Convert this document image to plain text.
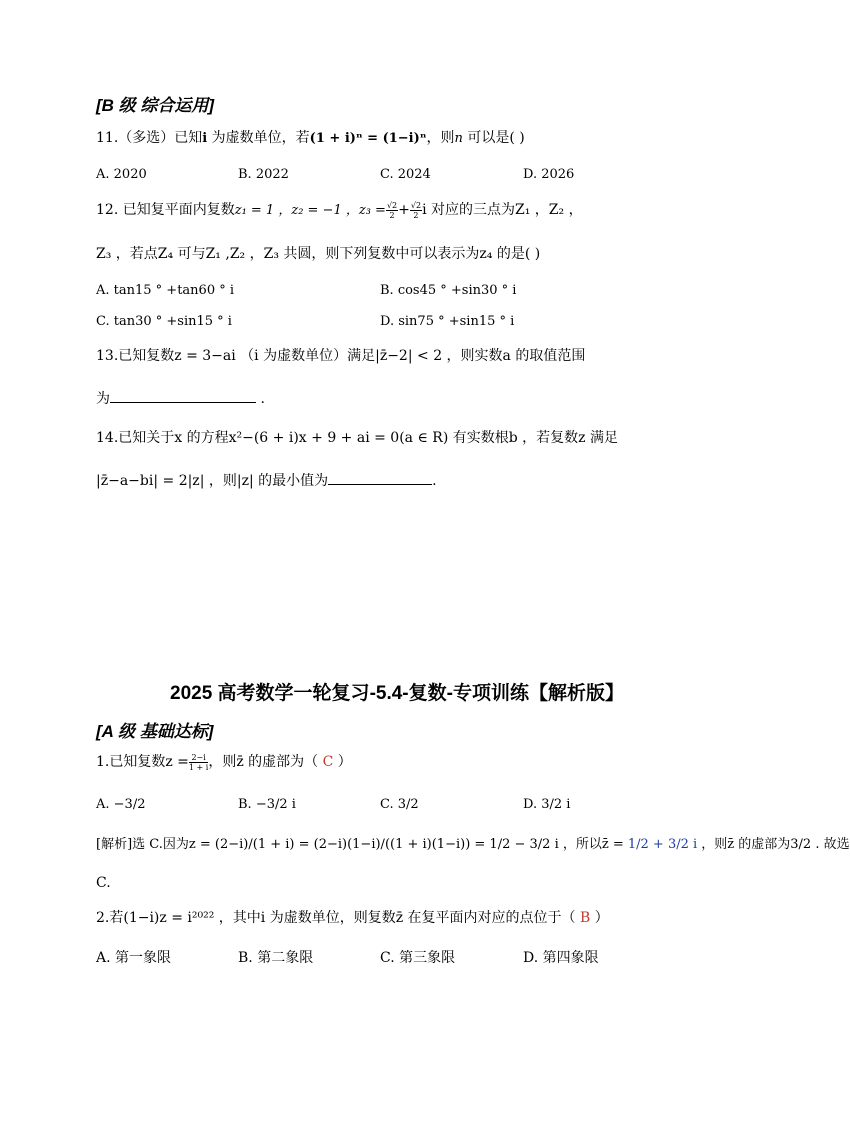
[B 级 综合运用]
11.（多选）已知i 为虚数单位，若(1 + i)ⁿ = (1−i)ⁿ，则n 可以是( )
A. 2020	B. 2022	C. 2024	D. 2026
12. 已知复平面内复数z₁ = 1 ，z₂ = −1 ，$z_3 = \frac{√2}{2} + \frac{√2}{2}$ i 对应的三点为Z₁ ，Z₂ ，
Z₃ ，若点Z₄ 可与Z₁ ,Z₂ ，Z₃ 共圆，则下列复数中可以表示为z₄ 的是( )
A. tan15 ° +tan60 ° i	B. cos45 ° +sin30 ° i
C. tan30 ° +sin15 ° i	D. sin75 ° +sin15 ° i
13.已知复数z = 3−ai （i 为虚数单位）满足|z̄−2| < 2 ，则实数a 的取值范围
为	.
14.已知关于x 的方程x²−(6 + i)x + 9 + ai = 0(a ∈ R) 有实数根b ，若复数z 满足
|z̄−a−bi| = 2|z| ，则|z| 的最小值为	.
2025 高考数学一轮复习-5.4-复数-专项训练【解析版】
[A 级 基础达标]
1.已知复数$z = \frac{2-i}{1 + i}$ ，则z̄ 的虚部为（ C ）
A. −3/2	B. −3/2 i	C. 3/2	D. 3/2 i
[解析]选 C.因为z = (2−i)/(1 + i) = (2−i)(1−i)/((1 + i)(1−i)) = 1/2 − 3/2 i ，所以z̄ = 1/2 + 3/2 i ，则z̄ 的虚部为3/2 . 故选
C.
2.若(1−i)z = i²⁰²² ，其中i 为虚数单位，则复数z̄ 在复平面内对应的点位于（ B ）
A. 第一象限	B. 第二象限	C. 第三象限	D. 第四象限
